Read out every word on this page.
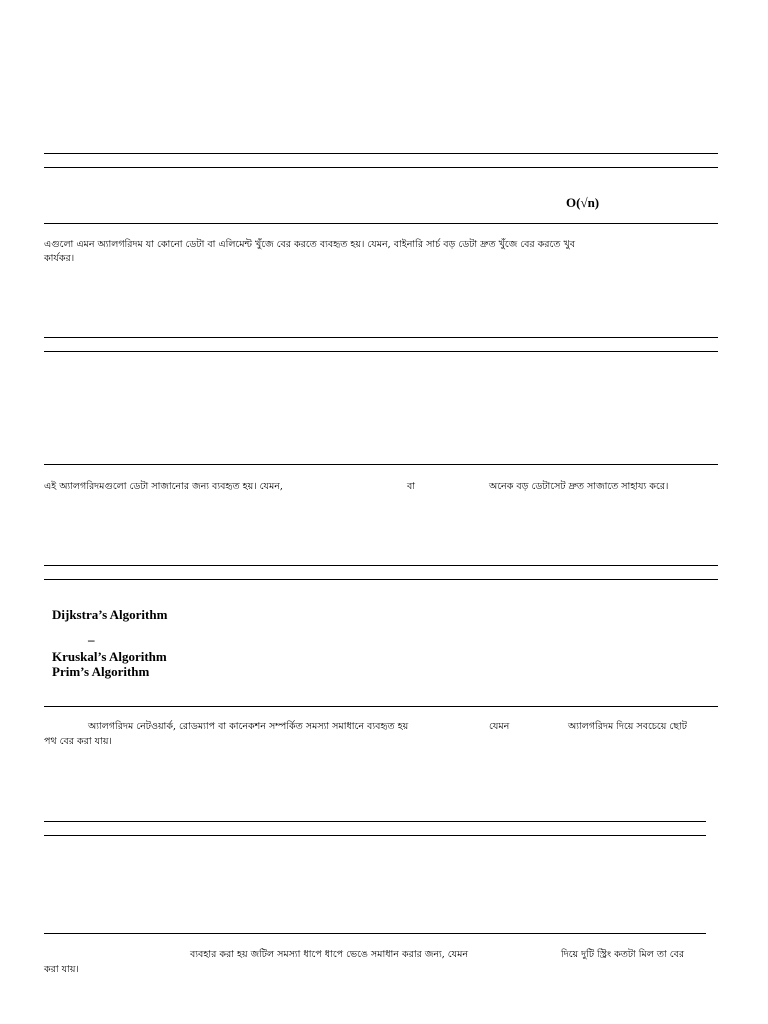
O(√n)
এগুলো এমন অ্যালগরিদম যা কোনো ডেটা বা এলিমেন্ট খুঁজে বের করতে ব্যবহৃত হয়। যেমন, বাইনারি সার্চ বড় ডেটা দ্রুত খুঁজে বের করতে খুব
কার্যকর।
এই অ্যালগরিদমগুলো ডেটা সাজানোর জন্য ব্যবহৃত হয়। যেমন,	বা	অনেক বড় ডেটাসেট দ্রুত সাজাতে সাহায্য করে।
Dijkstra’s Algorithm
–
Kruskal’s Algorithm
Prim’s Algorithm
অ্যালগরিদম নেটওয়ার্ক, রোডম্যাপ বা কানেকশন সম্পর্কিত সমস্যা সমাধানে ব্যবহৃত হয়	যেমন	অ্যালগরিদম দিয়ে সবচেয়ে ছোট
পথ বের করা যায়।
ব্যবহার করা হয় জটিল সমস্যা ধাপে ধাপে ভেঙে সমাধান করার জন্য, যেমন	দিয়ে দুটি স্ট্রিং কতটা মিল তা বের
করা যায়।
